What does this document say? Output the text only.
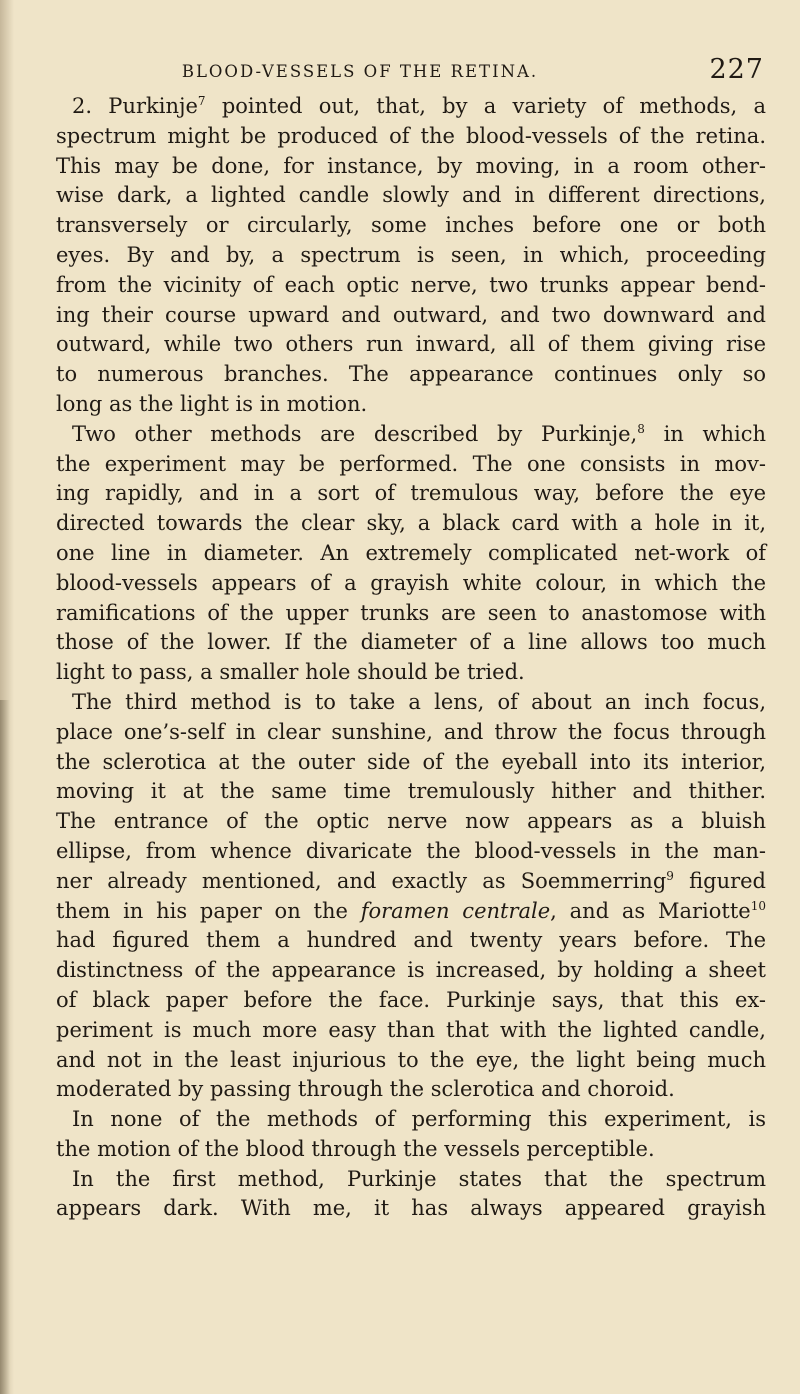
BLOOD-VESSELS OF THE RETINA.	227
2. Purkinje$^7$ pointed out, that, by a variety of methods, a
spectrum might be produced of the blood-vessels of the retina.
This may be done, for instance, by moving, in a room other-
wise dark, a lighted candle slowly and in different directions,
transversely or circularly, some inches before one or both
eyes. By and by, a spectrum is seen, in which, proceeding
from the vicinity of each optic nerve, two trunks appear bend-
ing their course upward and outward, and two downward and
outward, while two others run inward, all of them giving rise
to numerous branches. The appearance continues only so
long as the light is in motion.
Two other methods are described by Purkinje,$^8$ in which
the experiment may be performed. The one consists in mov-
ing rapidly, and in a sort of tremulous way, before the eye
directed towards the clear sky, a black card with a hole in it,
one line in diameter. An extremely complicated net-work of
blood-vessels appears of a grayish white colour, in which the
ramifications of the upper trunks are seen to anastomose with
those of the lower. If the diameter of a line allows too much
light to pass, a smaller hole should be tried.
The third method is to take a lens, of about an inch focus,
place one’s-self in clear sunshine, and throw the focus through
the sclerotica at the outer side of the eyeball into its interior,
moving it at the same time tremulously hither and thither.
The entrance of the optic nerve now appears as a bluish
ellipse, from whence divaricate the blood-vessels in the man-
ner already mentioned, and exactly as Soemmerring$^9$ figured
them in his paper on the foramen centrale, and as Mariotte$^{10}$
had figured them a hundred and twenty years before. The
distinctness of the appearance is increased, by holding a sheet
of black paper before the face. Purkinje says, that this ex-
periment is much more easy than that with the lighted candle,
and not in the least injurious to the eye, the light being much
moderated by passing through the sclerotica and choroid.
In none of the methods of performing this experiment, is
the motion of the blood through the vessels perceptible.
In the first method, Purkinje states that the spectrum
appears dark. With me, it has always appeared grayish
